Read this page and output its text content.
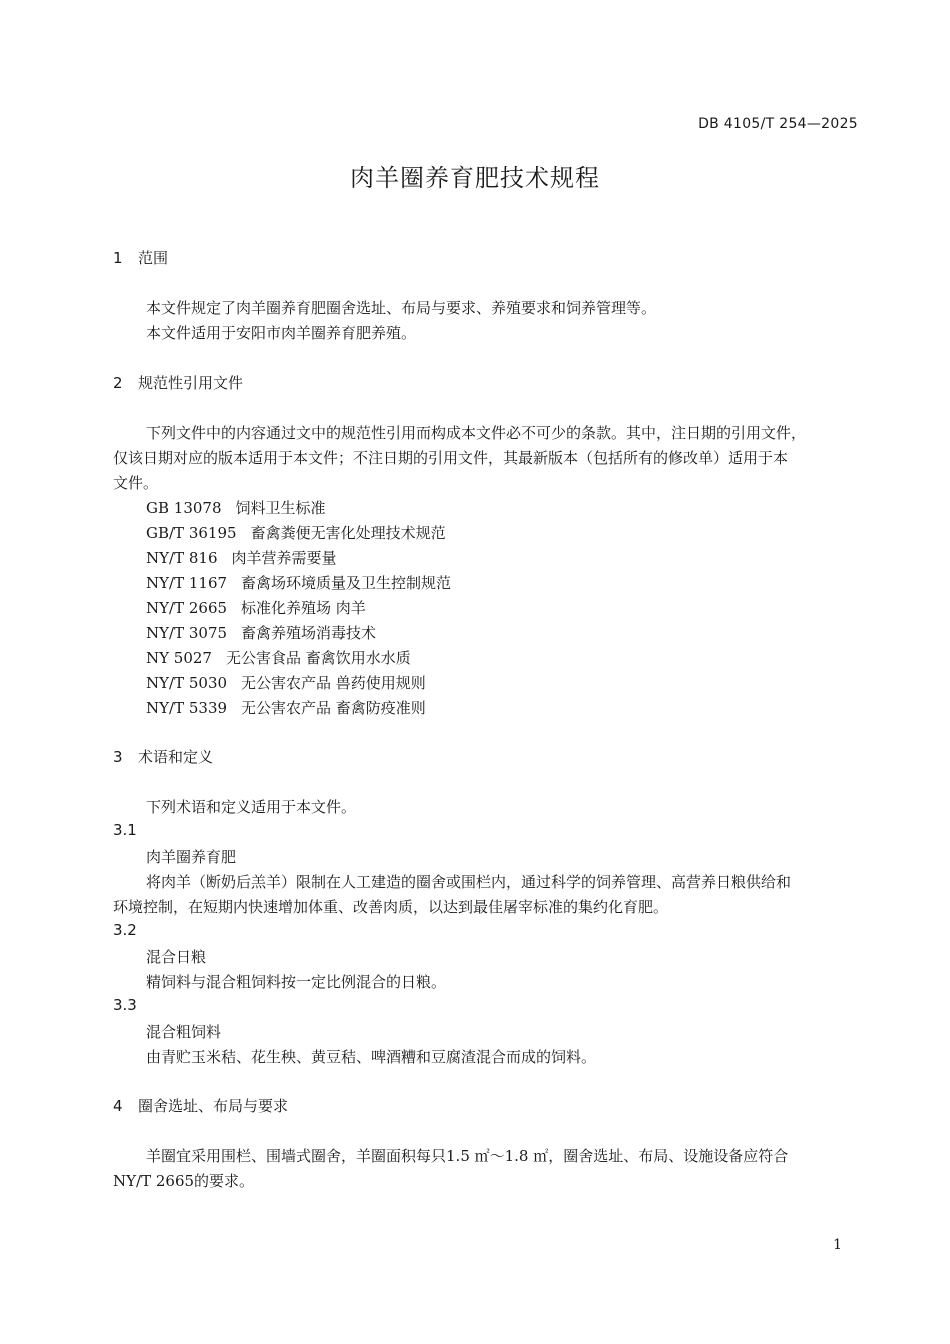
DB 4105/T 254—2025
肉羊圈养育肥技术规程
1 范围
本文件规定了肉羊圈养育肥圈舍选址、布局与要求、养殖要求和饲养管理等。
本文件适用于安阳市肉羊圈养育肥养殖。
2 规范性引用文件
下列文件中的内容通过文中的规范性引用而构成本文件必不可少的条款。其中，注日期的引用文件，
仅该日期对应的版本适用于本文件；不注日期的引用文件，其最新版本（包括所有的修改单）适用于本
文件。
GB 13078 饲料卫生标准
GB/T 36195 畜禽粪便无害化处理技术规范
NY/T 816 肉羊营养需要量
NY/T 1167 畜禽场环境质量及卫生控制规范
NY/T 2665 标准化养殖场 肉羊
NY/T 3075 畜禽养殖场消毒技术
NY 5027 无公害食品 畜禽饮用水水质
NY/T 5030 无公害农产品 兽药使用规则
NY/T 5339 无公害农产品 畜禽防疫准则
3 术语和定义
下列术语和定义适用于本文件。
3.1
肉羊圈养育肥
将肉羊（断奶后羔羊）限制在人工建造的圈舍或围栏内，通过科学的饲养管理、高营养日粮供给和
环境控制，在短期内快速增加体重、改善肉质，以达到最佳屠宰标准的集约化育肥。
3.2
混合日粮
精饲料与混合粗饲料按一定比例混合的日粮。
3.3
混合粗饲料
由青贮玉米秸、花生秧、黄豆秸、啤酒糟和豆腐渣混合而成的饲料。
4 圈舍选址、布局与要求
羊圈宜采用围栏、围墙式圈舍，羊圈面积每只1.5 ㎡～1.8 ㎡，圈舍选址、布局、设施设备应符合
NY/T 2665的要求。
1
